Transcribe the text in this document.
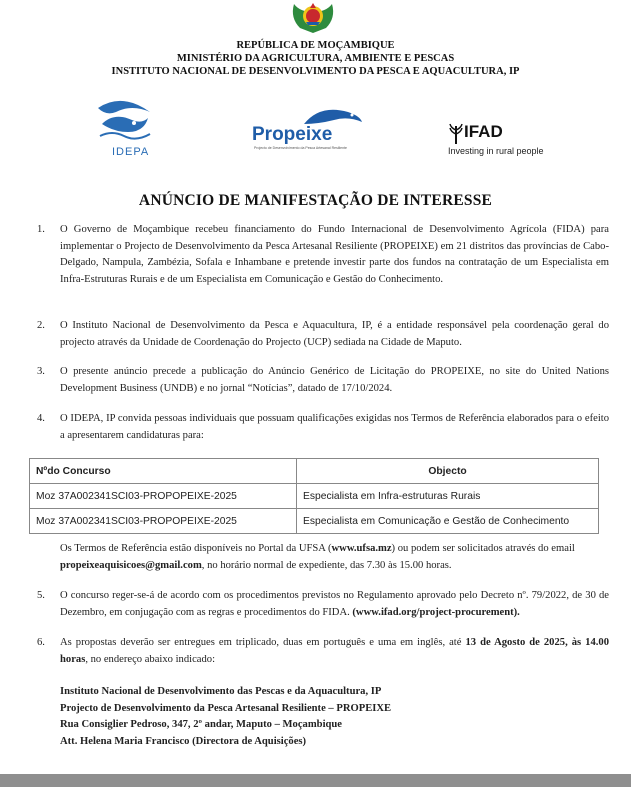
REPÚBLICA DE MOÇAMBIQUE
MINISTÉRIO DA AGRICULTURA, AMBIENTE E PESCAS
INSTITUTO NACIONAL DE DESENVOLVIMENTO DA PESCA E AQUACULTURA, IP
IDEPA
Propeixe
Projecto de Desenvolvimento da Pesca Artesanal Resiliente
IFAD
Investing in rural people
ANÚNCIO DE MANIFESTAÇÃO DE INTERESSE
1.	O Governo de Moçambique recebeu financiamento do Fundo Internacional de Desenvolvimento Agrícola (FIDA) para implementar o Projecto de Desenvolvimento da Pesca Artesanal Resiliente (PROPEIXE) em 21 distritos das províncias de Cabo-Delgado, Nampula, Zambézia, Sofala e Inhambane e pretende investir parte dos fundos na contratação de um Especialista em Infra-Estruturas Rurais e de um Especialista em Comunicação e Gestão do Conhecimento.
2.	O Instituto Nacional de Desenvolvimento da Pesca e Aquacultura, IP, é a entidade responsável pela coordenação geral do projecto através da Unidade de Coordenação do Projecto (UCP) sediada na Cidade de Maputo.
3.	O presente anúncio precede a publicação do Anúncio Genérico de Licitação do PROPEIXE, no site do United Nations Development Business (UNDB) e no jornal “Notícias”, datado de 17/10/2024.
4.	O IDEPA, IP convida pessoas individuais que possuam qualificações exigidas nos Termos de Referência elaborados para o efeito a apresentarem candidaturas para:
Nºdo Concurso	Objecto
Moz 37A002341SCI03-PROPOPEIXE-2025	Especialista em Infra-estruturas Rurais
Moz 37A002341SCI03-PROPOPEIXE-2025	Especialista em Comunicação e Gestão de Conhecimento
Os Termos de Referência estão disponíveis no Portal da UFSA (www.ufsa.mz) ou podem ser solicitados através do email propeixeaquisicoes@gmail.com, no horário normal de expediente, das 7.30 às 15.00 horas.
5.	O concurso reger-se-á de acordo com os procedimentos previstos no Regulamento aprovado pelo Decreto nº. 79/2022, de 30 de Dezembro, em conjugação com as regras e procedimentos do FIDA. (www.ifad.org/project-procurement).
6.	As propostas deverão ser entregues em triplicado, duas em português e uma em inglês, até 13 de Agosto de 2025, às 14.00 horas, no endereço abaixo indicado:
Instituto Nacional de Desenvolvimento das Pescas e da Aquacultura, IP
Projecto de Desenvolvimento da Pesca Artesanal Resiliente – PROPEIXE
Rua Consiglier Pedroso, 347, 2º andar, Maputo – Moçambique
Att. Helena Maria Francisco (Directora de Aquisições)
